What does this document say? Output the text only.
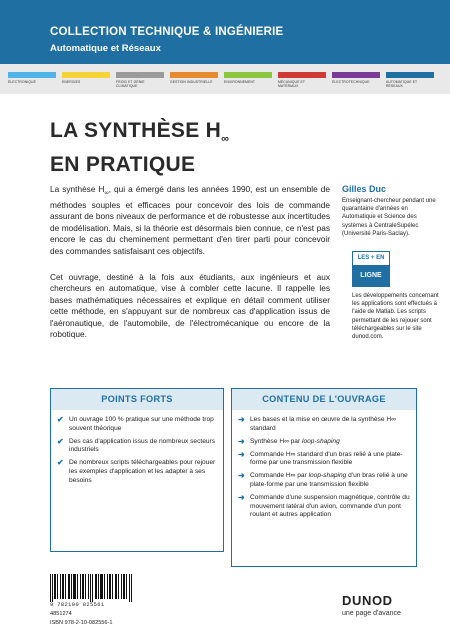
COLLECTION TECHNIQUE & INGÉNIERIE
Automatique et Réseaux
ÉLECTRONIQUE	ÉNERGIES	FROID ET GÉNIE CLIMATIQUE
GESTION INDUSTRIELLE	ENVIRONNEMENT	MÉCANIQUE ET MATÉRIAUX
ÉLECTROTECHNIQUE	AUTOMATIQUE ET RÉSEAUX
LA SYNTHÈSE $H_\infty$
EN PRATIQUE
La synthèse $H_\infty$, qui a émergé dans les années 1990, est un ensemble de méthodes souples et efficaces pour concevoir des lois de commande assurant de bons niveaux de performance et de robustesse aux incertitudes de modélisation. Mais, si la théorie est désormais bien connue, ce n'est pas encore le cas du cheminement permettant d'en tirer parti pour concevoir des commandes satisfaisant ces objectifs.
Cet ouvrage, destiné à la fois aux étudiants, aux ingénieurs et aux chercheurs en automatique, vise à combler cette lacune. Il rappelle les bases mathématiques nécessaires et explique en détail comment utiliser cette méthode, en s'appuyant sur de nombreux cas d'application issus de l'aéronautique, de l'automobile, de l'électromécanique ou encore de la robotique.
Gilles Duc
Enseignant-chercheur pendant une quarantaine d'années en Automatique et Science des systèmes à CentraleSupélec (Université Paris-Saclay).
LES + EN
LIGNE
Les développements concernant les applications sont effectués à l'aide de Matlab. Les scripts permettant de les rejouer sont téléchargeables sur le site dunod.com.
POINTS FORTS
✔ Un ouvrage 100 % pratique sur une méthode trop souvent théorique
✔ Des cas d'application issus de nombreux secteurs industriels
✔ De nombreux scripts téléchargeables pour rejouer les exemples d'application et les adapter à ses besoins
CONTENU DE L'OUVRAGE
➜ Les bases et la mise en œuvre de la synthèse H∞ standard
➜ Synthèse H∞ par loop-shaping
➜ Commande H∞ standard d'un bras relié à une plate-forme par une transmission flexible
➜ Commande H∞ par loop-shaping d'un bras relié à une plate-forme par une transmission flexible
➜ Commande d'une suspension magnétique, contrôle du mouvement latéral d'un avion, commande d'un pont roulant et autres application
9 782100 825561
4851274
ISBN 978-2-10-082556-1
DUNOD
une page d'avance
